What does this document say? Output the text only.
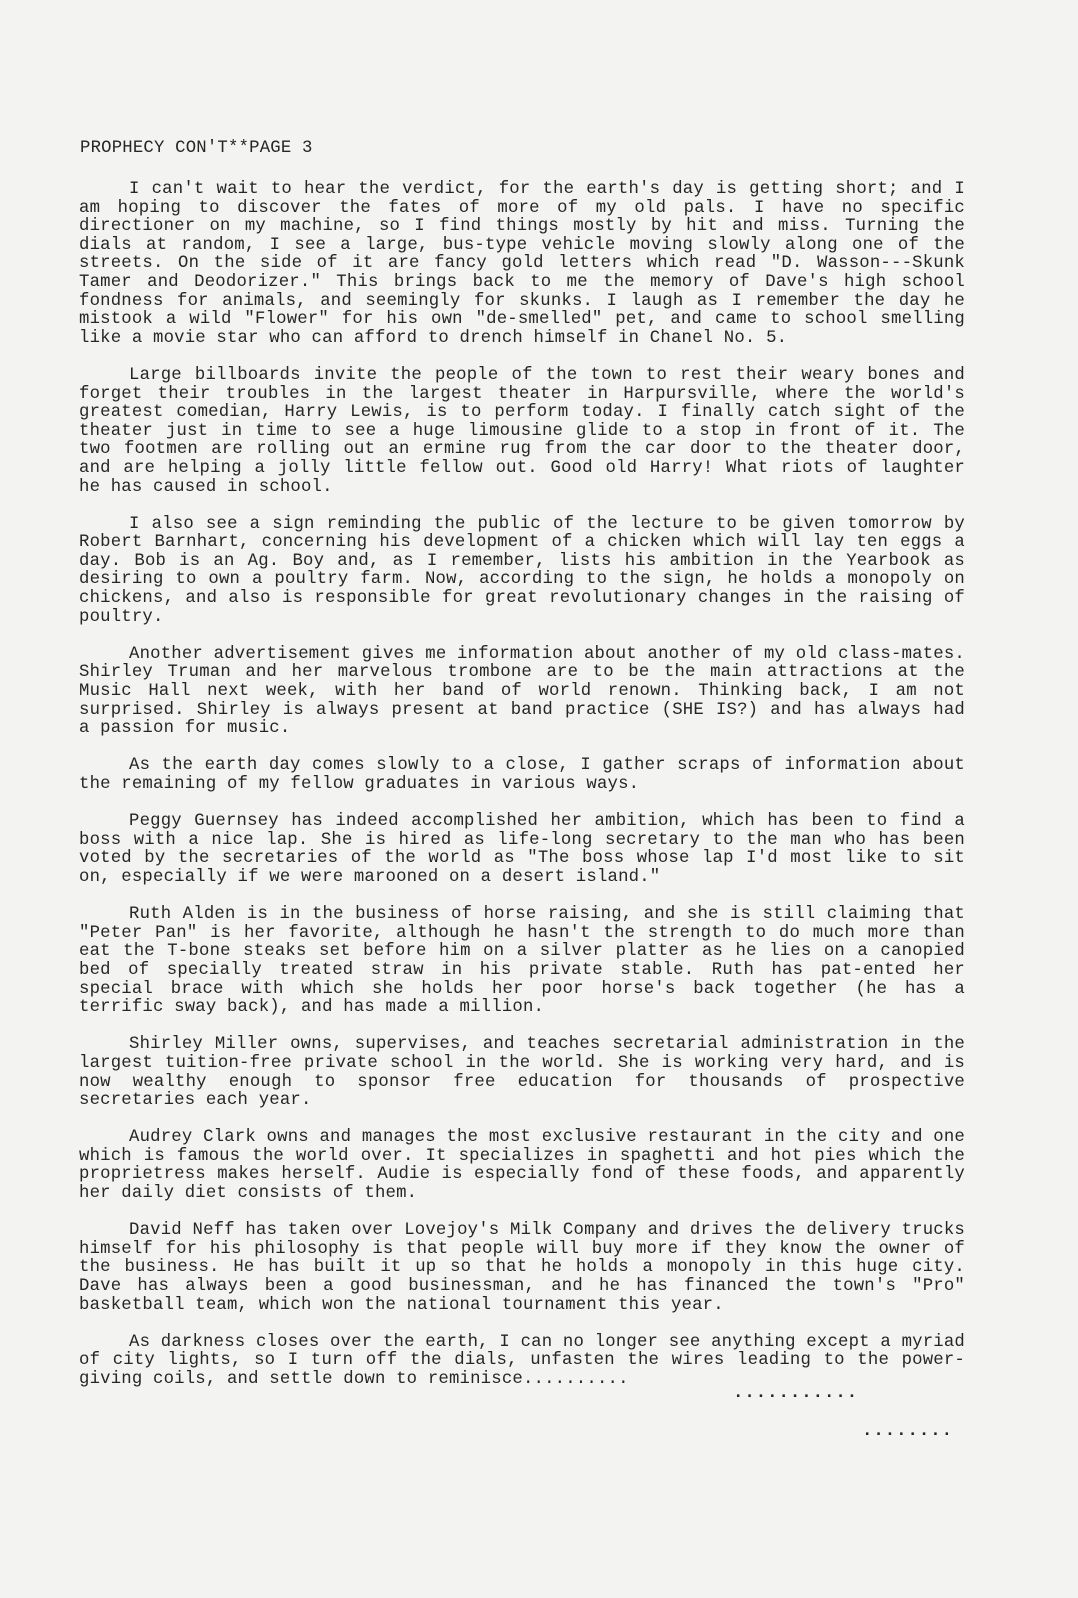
PROPHECY CON'T**PAGE 3

I can't wait to hear the verdict, for the earth's day is getting short; and I am hoping to discover the fates of more of my old pals. I have no specific directioner on my machine, so I find things mostly by hit and miss. Turning the dials at random, I see a large, bus-type vehicle moving slowly along one of the streets. On the side of it are fancy gold letters which read "D. Wasson---Skunk Tamer and Deodorizer." This brings back to me the memory of Dave's high school fondness for animals, and seemingly for skunks. I laugh as I remember the day he mistook a wild "Flower" for his own "de-smelled" pet, and came to school smelling like a movie star who can afford to drench himself in Chanel No. 5.

Large billboards invite the people of the town to rest their weary bones and forget their troubles in the largest theater in Harpursville, where the world's greatest comedian, Harry Lewis, is to perform today. I finally catch sight of the theater just in time to see a huge limousine glide to a stop in front of it. The two footmen are rolling out an ermine rug from the car door to the theater door, and are helping a jolly little fellow out. Good old Harry! What riots of laughter he has caused in school.

I also see a sign reminding the public of the lecture to be given tomorrow by Robert Barnhart, concerning his development of a chicken which will lay ten eggs a day. Bob is an Ag. Boy and, as I remember, lists his ambition in the Yearbook as desiring to own a poultry farm. Now, according to the sign, he holds a monopoly on chickens, and also is responsible for great revolutionary changes in the raising of poultry.

Another advertisement gives me information about another of my old class-mates. Shirley Truman and her marvelous trombone are to be the main attractions at the Music Hall next week, with her band of world renown. Thinking back, I am not surprised. Shirley is always present at band practice (SHE IS?) and has always had a passion for music.

As the earth day comes slowly to a close, I gather scraps of information about the remaining of my fellow graduates in various ways.

Peggy Guernsey has indeed accomplished her ambition, which has been to find a boss with a nice lap. She is hired as life-long secretary to the man who has been voted by the secretaries of the world as "The boss whose lap I'd most like to sit on, especially if we were marooned on a desert island."

Ruth Alden is in the business of horse raising, and she is still claiming that "Peter Pan" is her favorite, although he hasn't the strength to do much more than eat the T-bone steaks set before him on a silver platter as he lies on a canopied bed of specially treated straw in his private stable. Ruth has pat-ented her special brace with which she holds her poor horse's back together (he has a terrific sway back), and has made a million.

Shirley Miller owns, supervises, and teaches secretarial administration in the largest tuition-free private school in the world. She is working very hard, and is now wealthy enough to sponsor free education for thousands of prospective secretaries each year.

Audrey Clark owns and manages the most exclusive restaurant in the city and one which is famous the world over. It specializes in spaghetti and hot pies which the proprietress makes herself. Audie is especially fond of these foods, and apparently her daily diet consists of them.

David Neff has taken over Lovejoy's Milk Company and drives the delivery trucks himself for his philosophy is that people will buy more if they know the owner of the business. He has built it up so that he holds a monopoly in this huge city. Dave has always been a good businessman, and he has financed the town's "Pro" basketball team, which won the national tournament this year.

As darkness closes over the earth, I can no longer see anything except a myriad of city lights, so I turn off the dials, unfasten the wires leading to the power-giving coils, and settle down to reminisce..........

...........
........
